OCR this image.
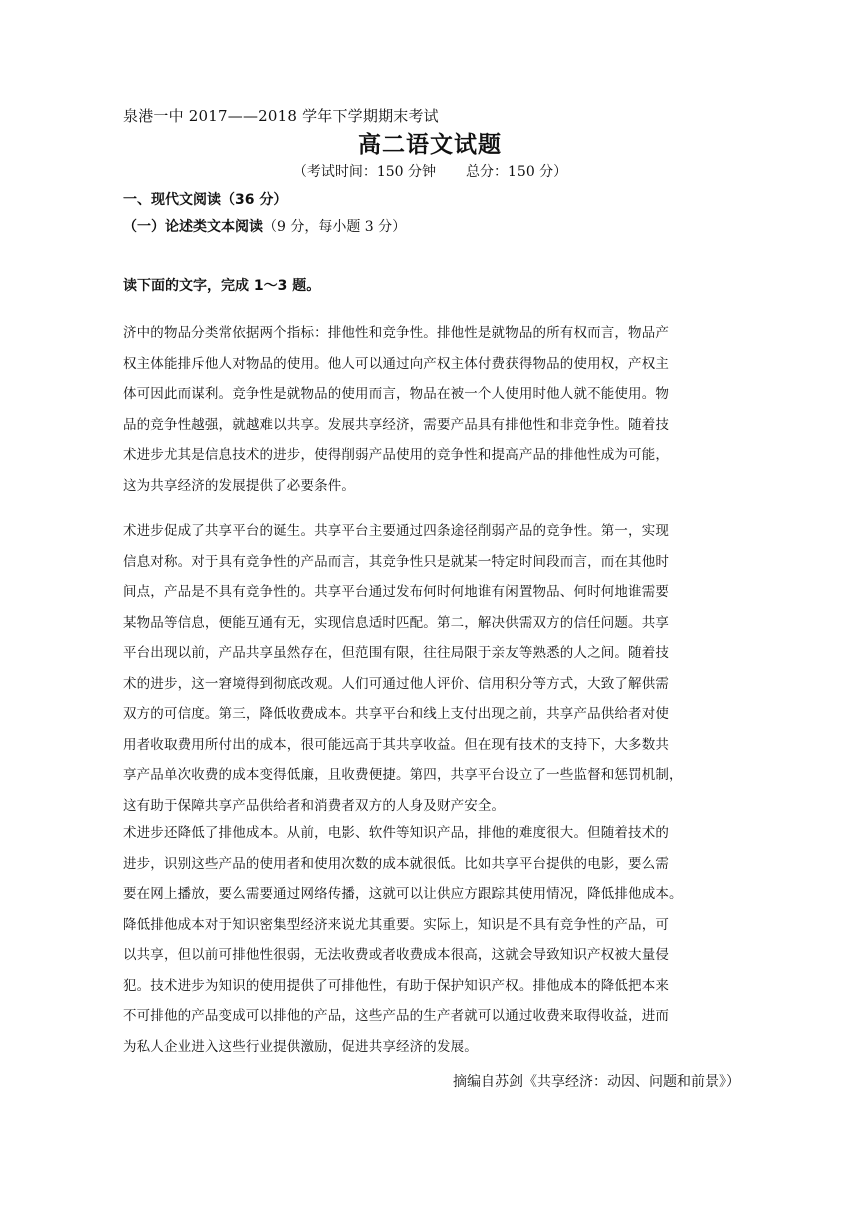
泉港一中 2017——2018 学年下学期期末考试
高二语文试题
（考试时间：150 分钟 总分：150 分）
一、现代文阅读（36 分）
（一）论述类文本阅读（9 分，每小题 3 分）
读下面的文字，完成 1～3 题。
济中的物品分类常依据两个指标：排他性和竞争性。排他性是就物品的所有权而言，物品产
权主体能排斥他人对物品的使用。他人可以通过向产权主体付费获得物品的使用权，产权主
体可因此而谋利。竞争性是就物品的使用而言，物品在被一个人使用时他人就不能使用。物
品的竞争性越强，就越难以共享。发展共享经济，需要产品具有排他性和非竞争性。随着技
术进步尤其是信息技术的进步，使得削弱产品使用的竞争性和提高产品的排他性成为可能，
这为共享经济的发展提供了必要条件。
术进步促成了共享平台的诞生。共享平台主要通过四条途径削弱产品的竞争性。第一，实现
信息对称。对于具有竞争性的产品而言，其竞争性只是就某一特定时间段而言，而在其他时
间点，产品是不具有竞争性的。共享平台通过发布何时何地谁有闲置物品、何时何地谁需要
某物品等信息，便能互通有无，实现信息适时匹配。第二，解决供需双方的信任问题。共享
平台出现以前，产品共享虽然存在，但范围有限，往往局限于亲友等熟悉的人之间。随着技
术的进步，这一窘境得到彻底改观。人们可通过他人评价、信用积分等方式，大致了解供需
双方的可信度。第三，降低收费成本。共享平台和线上支付出现之前，共享产品供给者对使
用者收取费用所付出的成本，很可能远高于其共享收益。但在现有技术的支持下，大多数共
享产品单次收费的成本变得低廉，且收费便捷。第四，共享平台设立了一些监督和惩罚机制，
这有助于保障共享产品供给者和消费者双方的人身及财产安全。
术进步还降低了排他成本。从前，电影、软件等知识产品，排他的难度很大。但随着技术的
进步，识别这些产品的使用者和使用次数的成本就很低。比如共享平台提供的电影，要么需
要在网上播放，要么需要通过网络传播，这就可以让供应方跟踪其使用情况，降低排他成本。
降低排他成本对于知识密集型经济来说尤其重要。实际上，知识是不具有竞争性的产品，可
以共享，但以前可排他性很弱，无法收费或者收费成本很高，这就会导致知识产权被大量侵
犯。技术进步为知识的使用提供了可排他性，有助于保护知识产权。排他成本的降低把本来
不可排他的产品变成可以排他的产品，这些产品的生产者就可以通过收费来取得收益，进而
为私人企业进入这些行业提供激励，促进共享经济的发展。
摘编自苏剑《共享经济：动因、问题和前景》）
